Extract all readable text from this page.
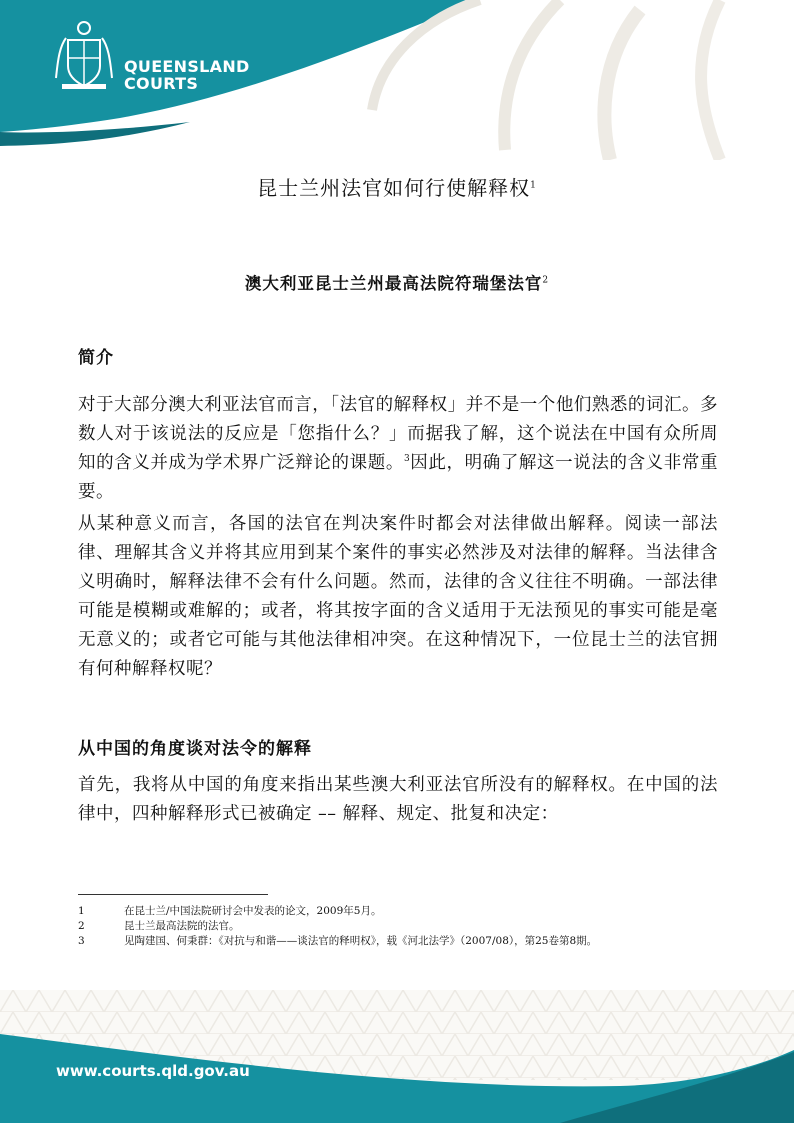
QUEENSLAND
COURTS
昆士兰州法官如何行使解释权$^1$
澳大利亚昆士兰州最高法院符瑞堡法官$^2$
简介
对于大部分澳大利亚法官而言，「法官的解释权」并不是一个他们熟悉的词汇。多数人对于该说法的反应是「您指什么？」而据我了解，这个说法在中国有众所周知的含义并成为学术界广泛辩论的课题。$^3$因此，明确了解这一说法的含义非常重要。
从某种意义而言，各国的法官在判决案件时都会对法律做出解释。阅读一部法律、理解其含义并将其应用到某个案件的事实必然涉及对法律的解释。当法律含义明确时，解释法律不会有什么问题。然而，法律的含义往往不明确。一部法律可能是模糊或难解的；或者，将其按字面的含义适用于无法预见的事实可能是毫无意义的；或者它可能与其他法律相冲突。在这种情况下，一位昆士兰的法官拥有何种解释权呢？
从中国的角度谈对法令的解释
首先，我将从中国的角度来指出某些澳大利亚法官所没有的解释权。在中国的法律中，四种解释形式已被确定 –– 解释、规定、批复和决定：
1	在昆士兰/中国法院研讨会中发表的论文，2009年5月。
2	昆士兰最高法院的法官。
3	见陶建国、何秉群：《对抗与和谐——谈法官的释明权》，载《河北法学》（2007/08），第25卷第8期。
www.courts.qld.gov.au
